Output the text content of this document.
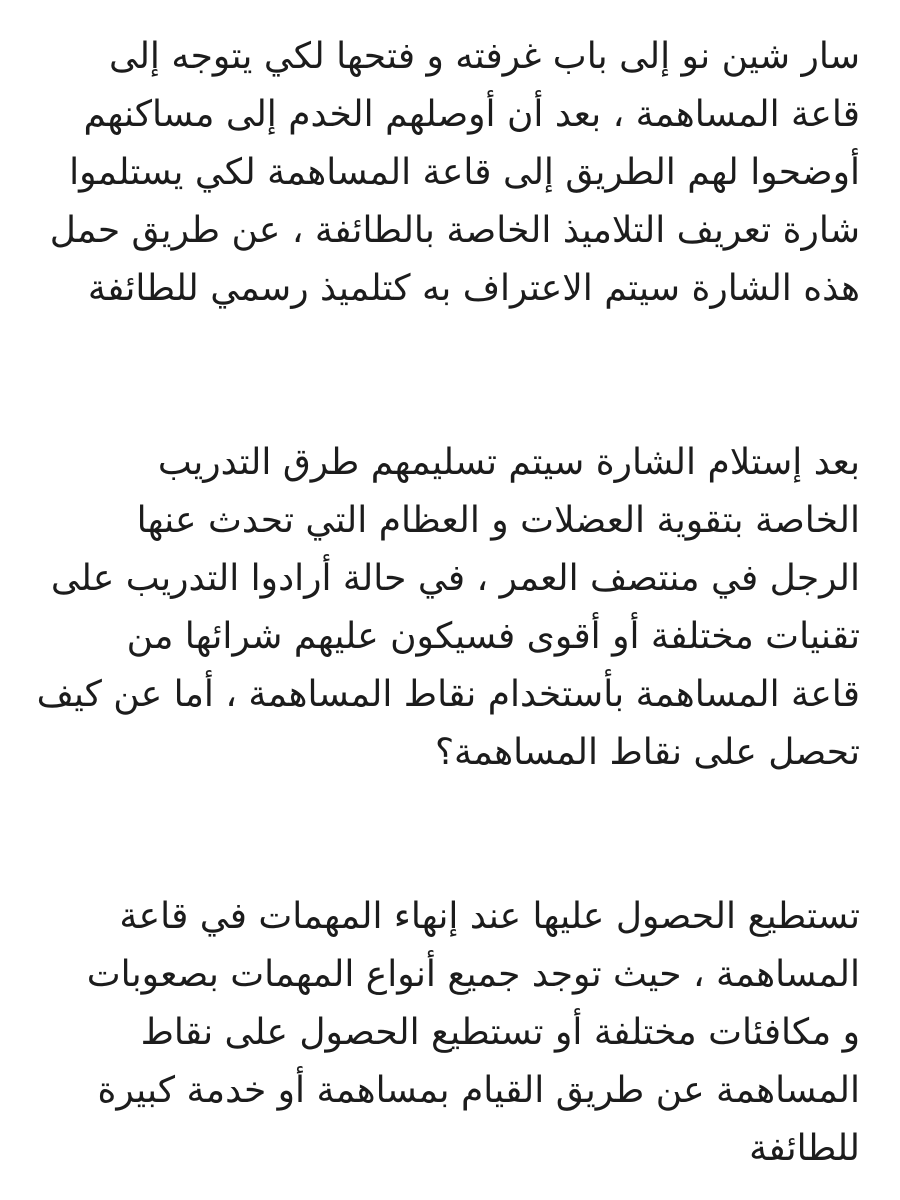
سار شين نو إلى باب غرفته و فتحها لكي يتوجه إلى
قاعة المساهمة ، بعد أن أوصلهم الخدم إلى مساكنهم
أوضحوا لهم الطريق إلى قاعة المساهمة لكي يستلموا
شارة تعريف التلاميذ الخاصة بالطائفة ، عن طريق حمل
هذه الشارة سيتم الاعتراف به كتلميذ رسمي للطائفة

بعد إستلام الشارة سيتم تسليمهم طرق التدريب
الخاصة بتقوية العضلات و العظام التي تحدث عنها
الرجل في منتصف العمر ، في حالة أرادوا التدريب على
تقنيات مختلفة أو أقوى فسيكون عليهم شرائها من
قاعة المساهمة بأستخدام نقاط المساهمة ، أما عن كيف
تحصل على نقاط المساهمة؟

تستطيع الحصول عليها عند إنهاء المهمات في قاعة
المساهمة ، حيث توجد جميع أنواع المهمات بصعوبات
و مكافئات مختلفة أو تستطيع الحصول على نقاط
المساهمة عن طريق القيام بمساهمة أو خدمة كبيرة
للطائفة
